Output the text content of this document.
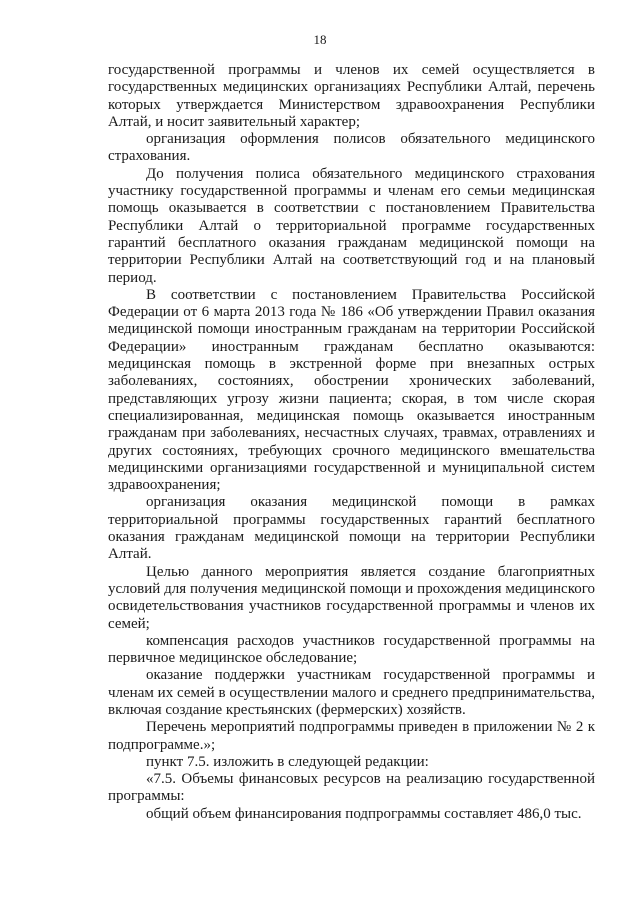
18

государственной программы и членов их семей осуществляется в государственных медицинских организациях Республики Алтай, перечень которых утверждается Министерством здравоохранения Республики Алтай, и носит заявительный характер;

организация оформления полисов обязательного медицинского страхования.

До получения полиса обязательного медицинского страхования участнику государственной программы и членам его семьи медицинская помощь оказывается в соответствии с постановлением Правительства Республики Алтай о территориальной программе государственных гарантий бесплатного оказания гражданам медицинской помощи на территории Республики Алтай на соответствующий год и на плановый период.

В соответствии с постановлением Правительства Российской Федерации от 6 марта 2013 года № 186 «Об утверждении Правил оказания медицинской помощи иностранным гражданам на территории Российской Федерации» иностранным гражданам бесплатно оказываются: медицинская помощь в экстренной форме при внезапных острых заболеваниях, состояниях, обострении хронических заболеваний, представляющих угрозу жизни пациента; скорая, в том числе скорая специализированная, медицинская помощь оказывается иностранным гражданам при заболеваниях, несчастных случаях, травмах, отравлениях и других состояниях, требующих срочного медицинского вмешательства медицинскими организациями государственной и муниципальной систем здравоохранения;

организация оказания медицинской помощи в рамках территориальной программы государственных гарантий бесплатного оказания гражданам медицинской помощи на территории Республики Алтай.

Целью данного мероприятия является создание благоприятных условий для получения медицинской помощи и прохождения медицинского освидетельствования участников государственной программы и членов их семей;

компенсация расходов участников государственной программы на первичное медицинское обследование;

оказание поддержки участникам государственной программы и членам их семей в осуществлении малого и среднего предпринимательства, включая создание крестьянских (фермерских) хозяйств.

Перечень мероприятий подпрограммы приведен в приложении № 2 к подпрограмме.»;

пункт 7.5. изложить в следующей редакции:

«7.5. Объемы финансовых ресурсов на реализацию государственной программы:

общий объем финансирования подпрограммы составляет 486,0 тыс.
